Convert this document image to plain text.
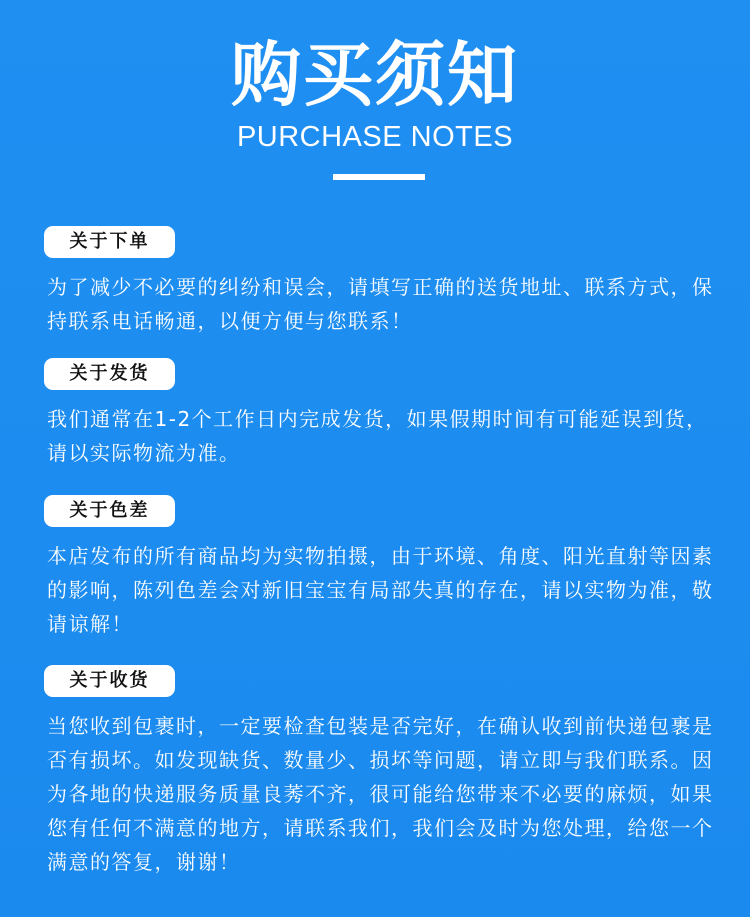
购买须知
PURCHASE NOTES
关于下单
为了减少不必要的纠纷和误会，请填写正确的送货地址、联系方式，保持联系电话畅通，以便方便与您联系！
关于发货
我们通常在1-2个工作日内完成发货，如果假期时间有可能延误到货，请以实际物流为准。
关于色差
本店发布的所有商品均为实物拍摄，由于环境、角度、阳光直射等因素的影响，陈列色差会对新旧宝宝有局部失真的存在，请以实物为准，敬请谅解！
关于收货
当您收到包裹时，一定要检查包装是否完好，在确认收到前快递包裹是否有损坏。如发现缺货、数量少、损坏等问题，请立即与我们联系。因为各地的快递服务质量良莠不齐，很可能给您带来不必要的麻烦，如果您有任何不满意的地方，请联系我们，我们会及时为您处理，给您一个满意的答复，谢谢！
